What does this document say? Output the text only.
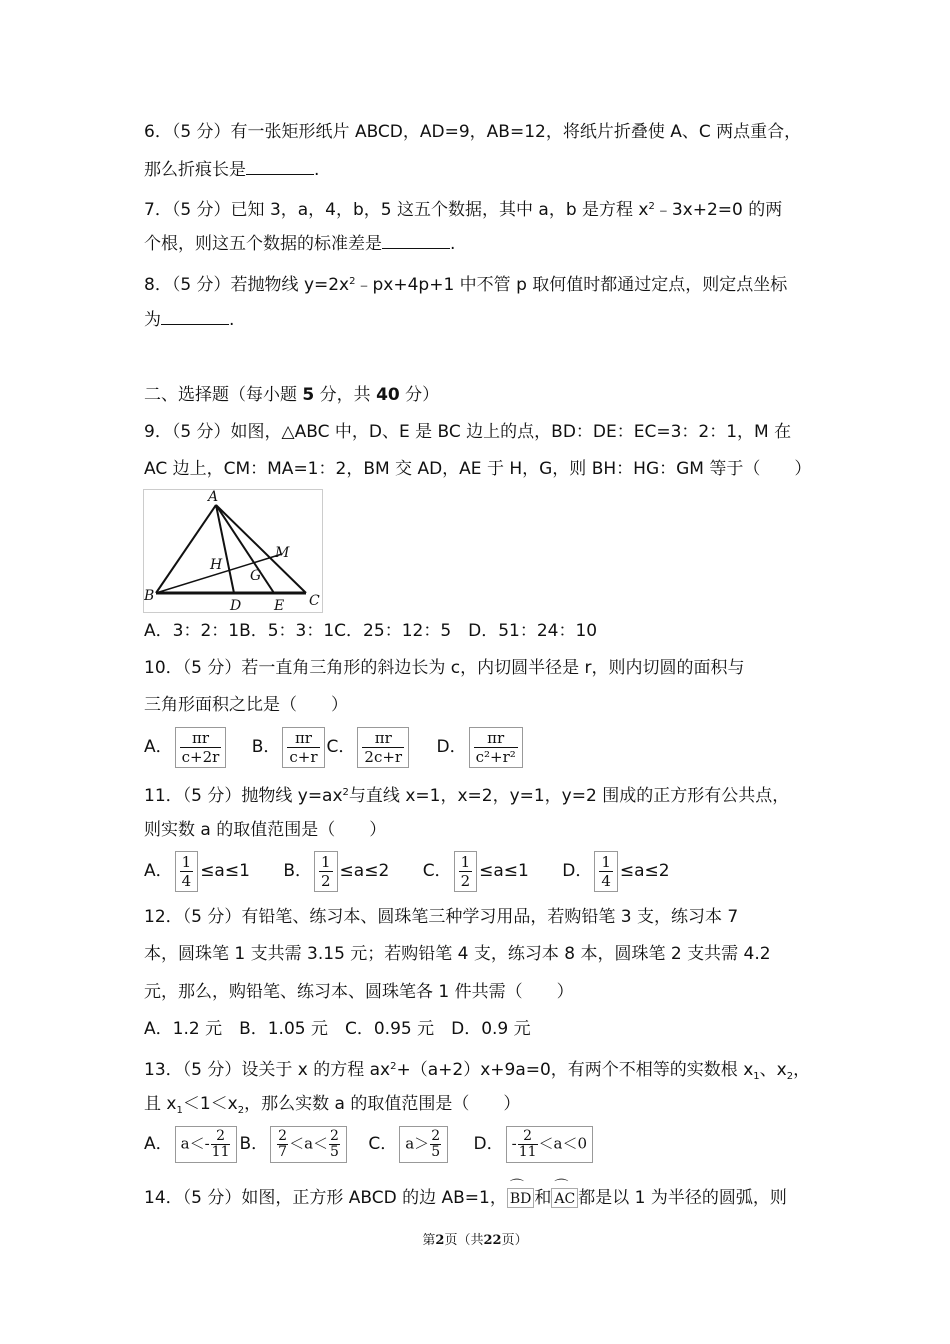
6．（5 分）有一张矩形纸片 ABCD，AD=9，AB=12，将纸片折叠使 A、C 两点重合，
那么折痕长是	.
7．（5 分）已知 3，a，4，b，5 这五个数据，其中 a，b 是方程 $x^2﹣3x+2=0$ 的两
个根，则这五个数据的标准差是	.
8．（5 分）若抛物线 $y=2x^2﹣px+4p+1$ 中不管 p 取何值时都通过定点，则定点坐标
为	.
二、选择题（每小题 5 分，共 40 分）
9．（5 分）如图，△ABC 中，D、E 是 BC 边上的点，BD：DE：EC=3：2：1，M 在
AC 边上，CM：MA=1：2，BM 交 AD，AE 于 H，G，则 BH：HG：GM 等于（　　）
A
B	C
D E
H
G
M
A．3：2：1B．5：3：1C．25：12：5　D．51：24：10
10．（5 分）若一直角三角形的斜边长为 c，内切圆半径是 r，则内切圆的面积与
三角形面积之比是（　　）
A． $\frac{\pi r}{c+2r}$ B． $\frac{\pi r}{c+r}$ C． $\frac{\pi r}{2c+r}$ D． $\frac{\pi r}{\text{c²+r²}}$
11．（5 分）抛物线 $y=ax^2$与直线 x=1，x=2，y=1，y=2 围成的正方形有公共点，
则实数 a 的取值范围是（　　）
A． $\frac{1}{4} \le a\le 1$ B． $\frac{1}{2} \le a\le 2$ C． $\frac{1}{2} \le a\le 1$ D． $\frac{1}{4} \le a\le 2$
12．（5 分）有铅笔、练习本、圆珠笔三种学习用品，若购铅笔 3 支，练习本 7
本，圆珠笔 1 支共需 3.15 元；若购铅笔 4 支，练习本 8 本，圆珠笔 2 支共需 4.2
元，那么，购铅笔、练习本、圆珠笔各 1 件共需（　　）
A．1.2 元　B．1.05 元　C．0.95 元　D．0.9 元
13．（5 分）设关于 x 的方程 $ax^2+(a+2)x+9a=0$，有两个不相等的实数根 $x_1$、$x_2$，
且 $x_1<1<x_2$，那么实数 a 的取值范围是（　　）
A． $a<- \frac{2}{11}$ B． $\frac{2}{7} <a< \frac{2}{5}$ C． $a> \frac{2}{5}$ D． - $\frac{2}{11} <a<0$
14．（5 分）如图，正方形 ABCD 的边 AB=1， ⌒ BD 和 ⌒ AC 都是以 1 为半径的圆弧，则
第2页（共22页）
